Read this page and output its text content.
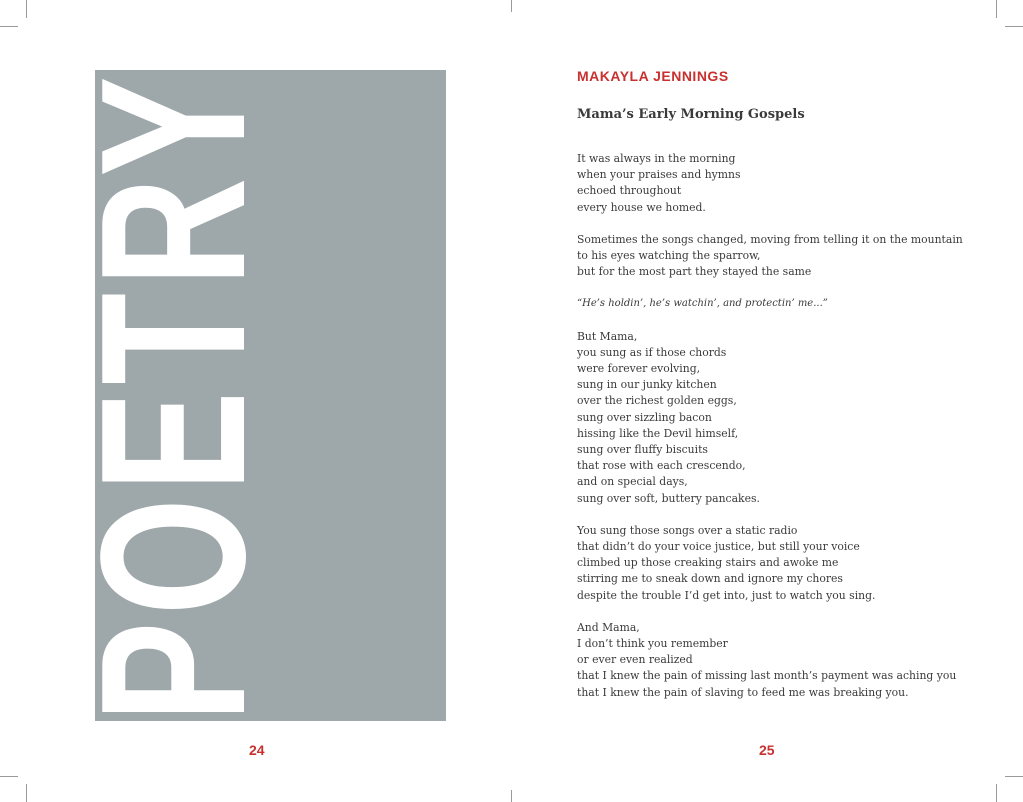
POETRY
24
MAKAYLA JENNINGS
Mama’s Early Morning Gospels
It was always in the morning
when your praises and hymns
echoed throughout
every house we homed.
Sometimes the songs changed, moving from telling it on the mountain
to his eyes watching the sparrow,
but for the most part they stayed the same
“He’s holdin’, he’s watchin’, and protectin’ me...”
But Mama,
you sung as if those chords
were forever evolving,
sung in our junky kitchen
over the richest golden eggs,
sung over sizzling bacon
hissing like the Devil himself,
sung over fluffy biscuits
that rose with each crescendo,
and on special days,
sung over soft, buttery pancakes.
You sung those songs over a static radio
that didn’t do your voice justice, but still your voice
climbed up those creaking stairs and awoke me
stirring me to sneak down and ignore my chores
despite the trouble I’d get into, just to watch you sing.
And Mama,
I don’t think you remember
or ever even realized
that I knew the pain of missing last month’s payment was aching you
that I knew the pain of slaving to feed me was breaking you.
25
